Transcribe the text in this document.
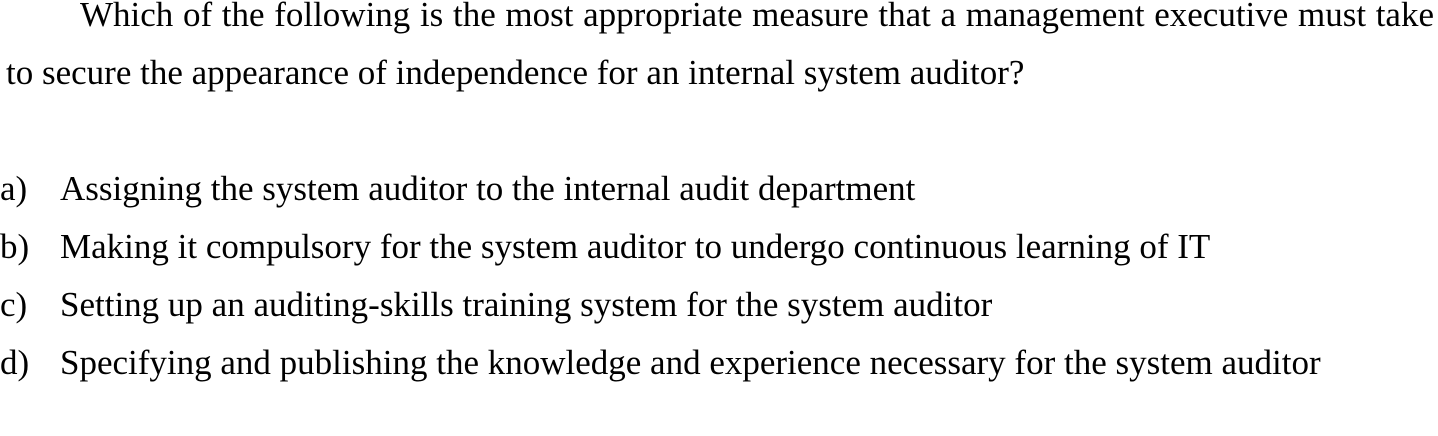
Which of the following is the most appropriate measure that a management executive must take to secure the appearance of independence for an internal system auditor?

a) Assigning the system auditor to the internal audit department
b) Making it compulsory for the system auditor to undergo continuous learning of IT
c) Setting up an auditing-skills training system for the system auditor
d) Specifying and publishing the knowledge and experience necessary for the system auditor
